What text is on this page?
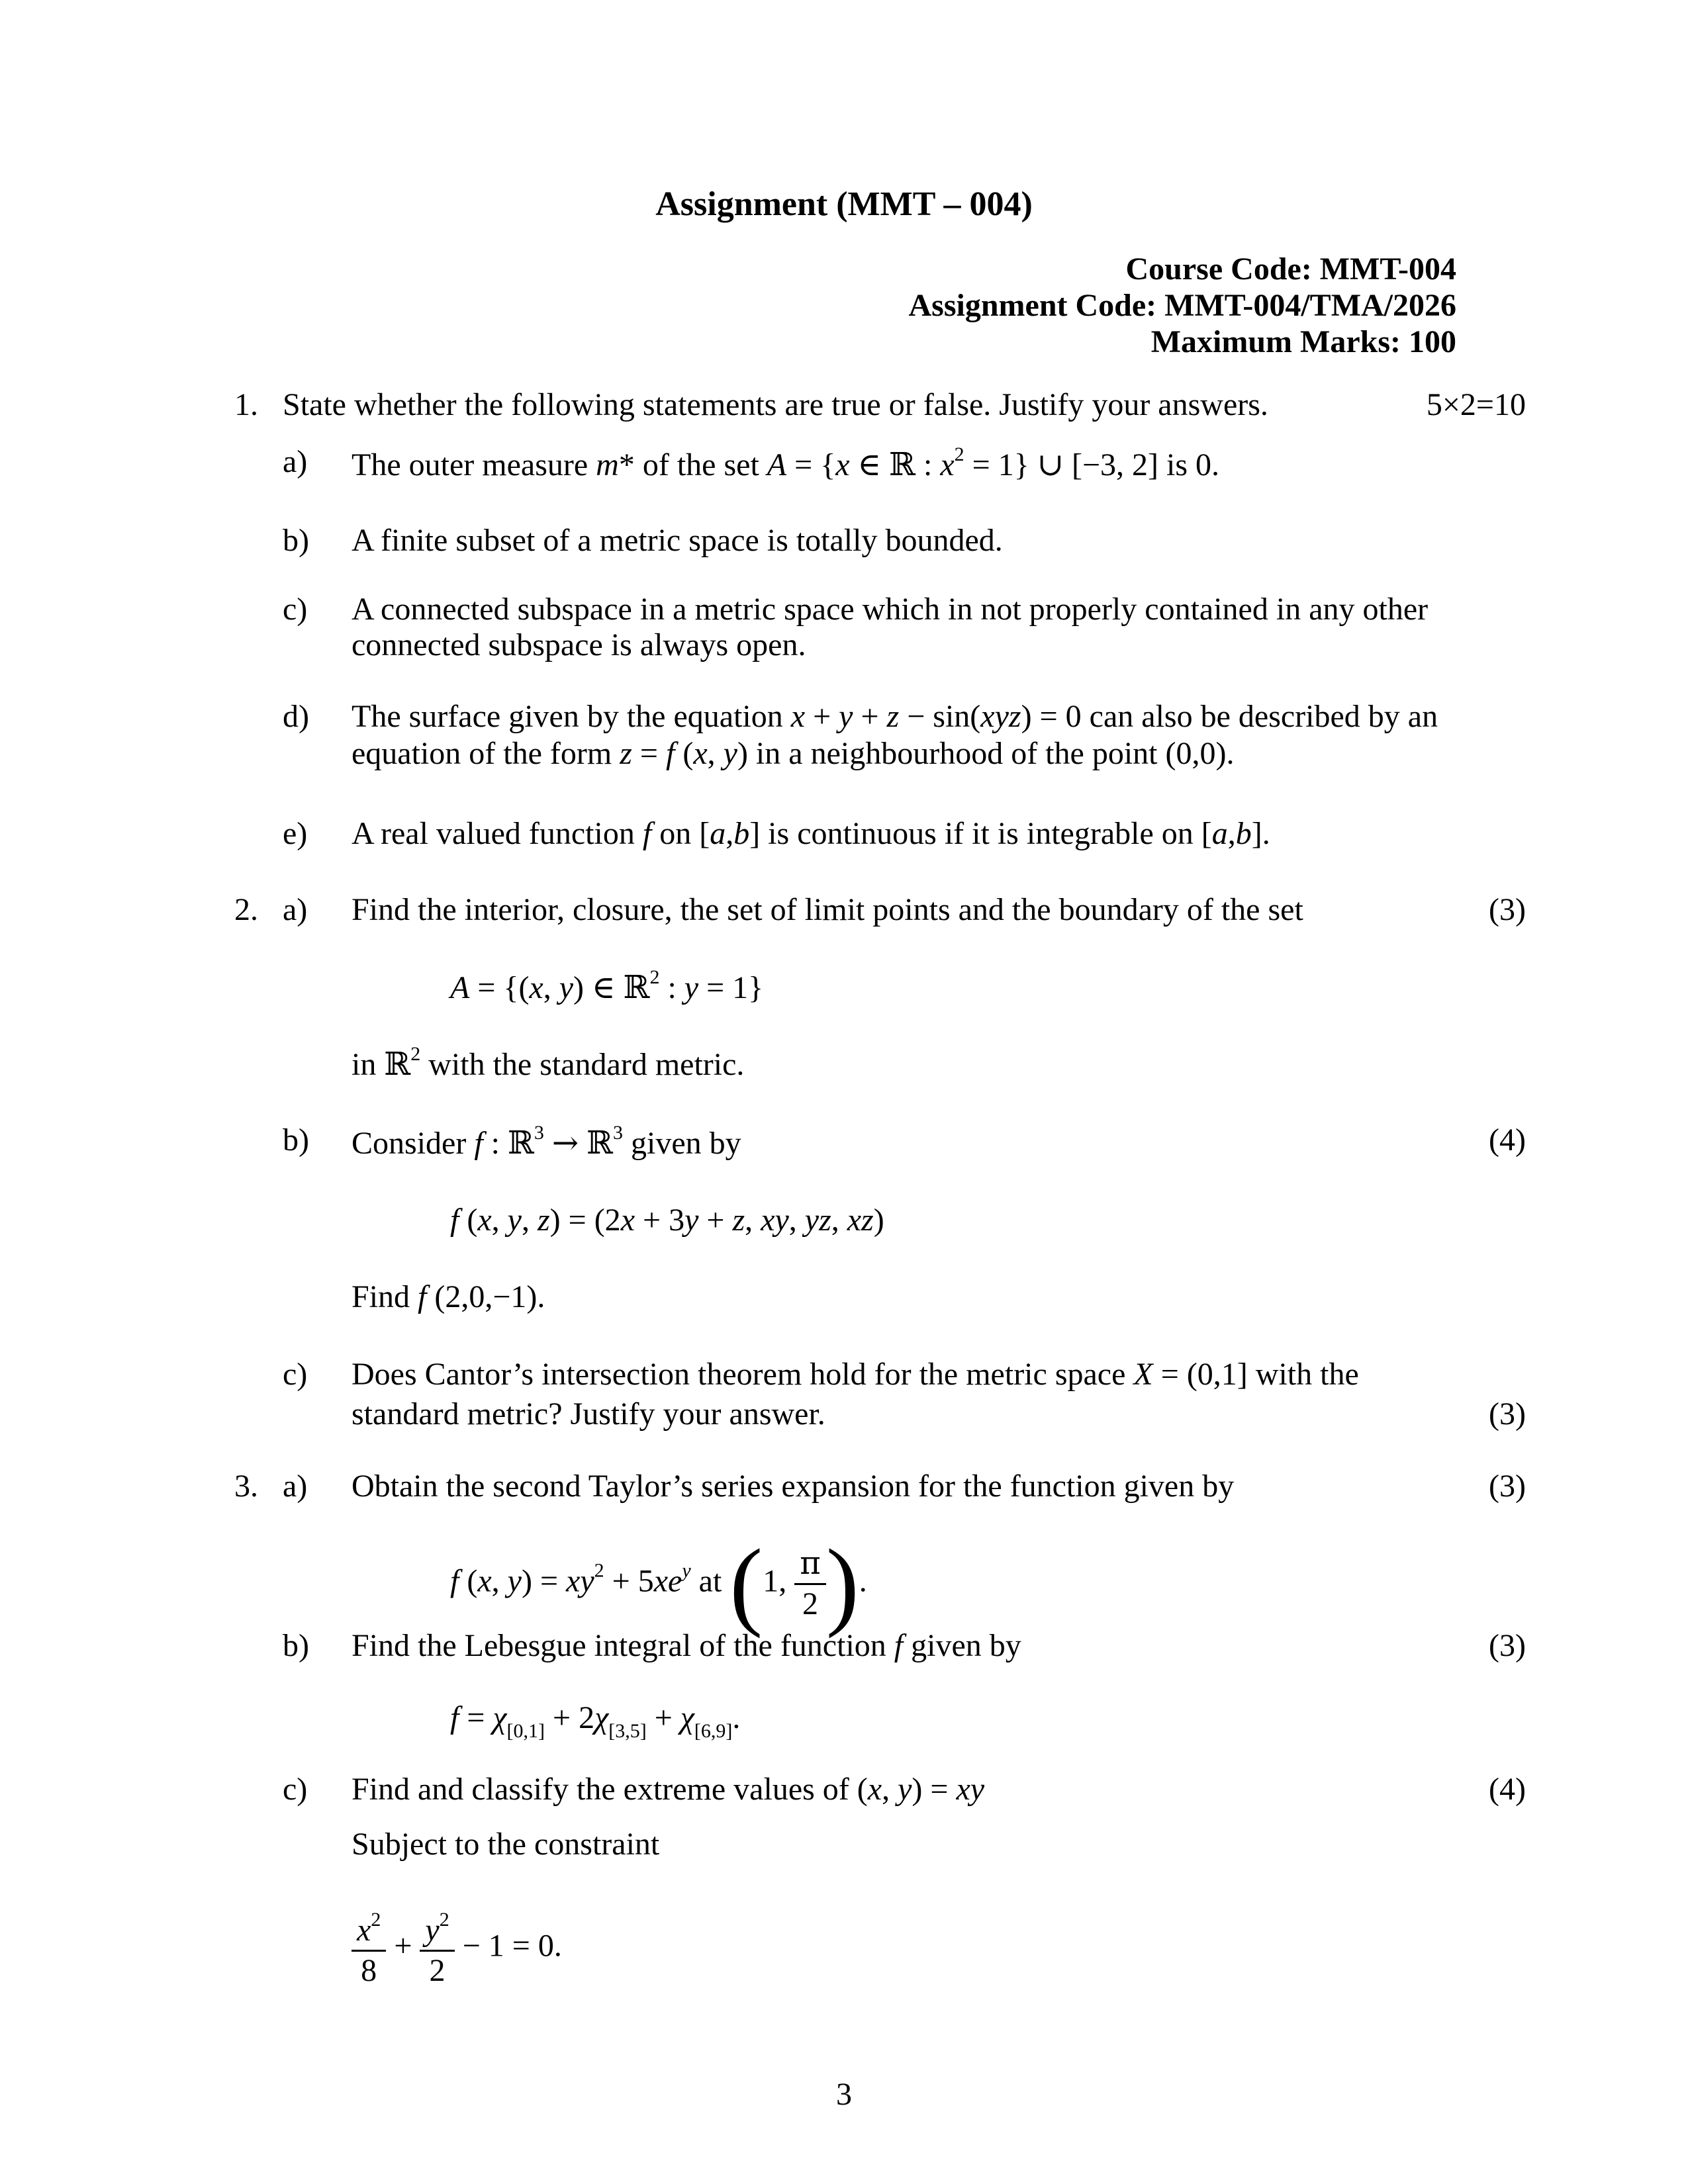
Assignment (MMT – 004)
Course Code: MMT-004
Assignment Code: MMT-004/TMA/2026
Maximum Marks: 100
1. State whether the following statements are true or false. Justify your answers.	5×2=10
a) The outer measure m* of the set A = {x ∈ ℝ : $x^2 = 1$} ∪ [−3, 2] is 0.
b) A finite subset of a metric space is totally bounded.
c) A connected subspace in a metric space which in not properly contained in any other
connected subspace is always open.
d) The surface given by the equation x + y + z − sin(xyz) = 0 can also be described by an
equation of the form z = f (x, y) in a neighbourhood of the point (0,0).
e) A real valued function f on [a,b] is continuous if it is integrable on [a,b].
2. a) Find the interior, closure, the set of limit points and the boundary of the set	(3)
A = {(x, y) ∈ ℝ$^2$ : y = 1}
in ℝ$^2$ with the standard metric.
b) Consider f : ℝ$^3$ → ℝ$^3$ given by	(4)
f (x, y, z) = (2x + 3y + z, xy, yz, xz)
Find f (2,0,−1).
c) Does Cantor’s intersection theorem hold for the metric space X = (0,1] with the
standard metric? Justify your answer.	(3)
3. a) Obtain the second Taylor’s series expansion for the function given by	(3)
f (x, $y) = xy^2 + 5xe^y$ at (1, $\frac{\pi}{2}$ ).
b) Find the Lebesgue integral of the function f given by	(3)
$f = \chi_{[0,1]} + 2\chi_{[3,5]} + \chi_{[6,9]}$.
c) Find and classify the extreme values of (x, y) = xy	(4)
Subject to the constraint
$\frac{x^2}{8} + \frac{y^2}{2} - 1 = 0$.
3
